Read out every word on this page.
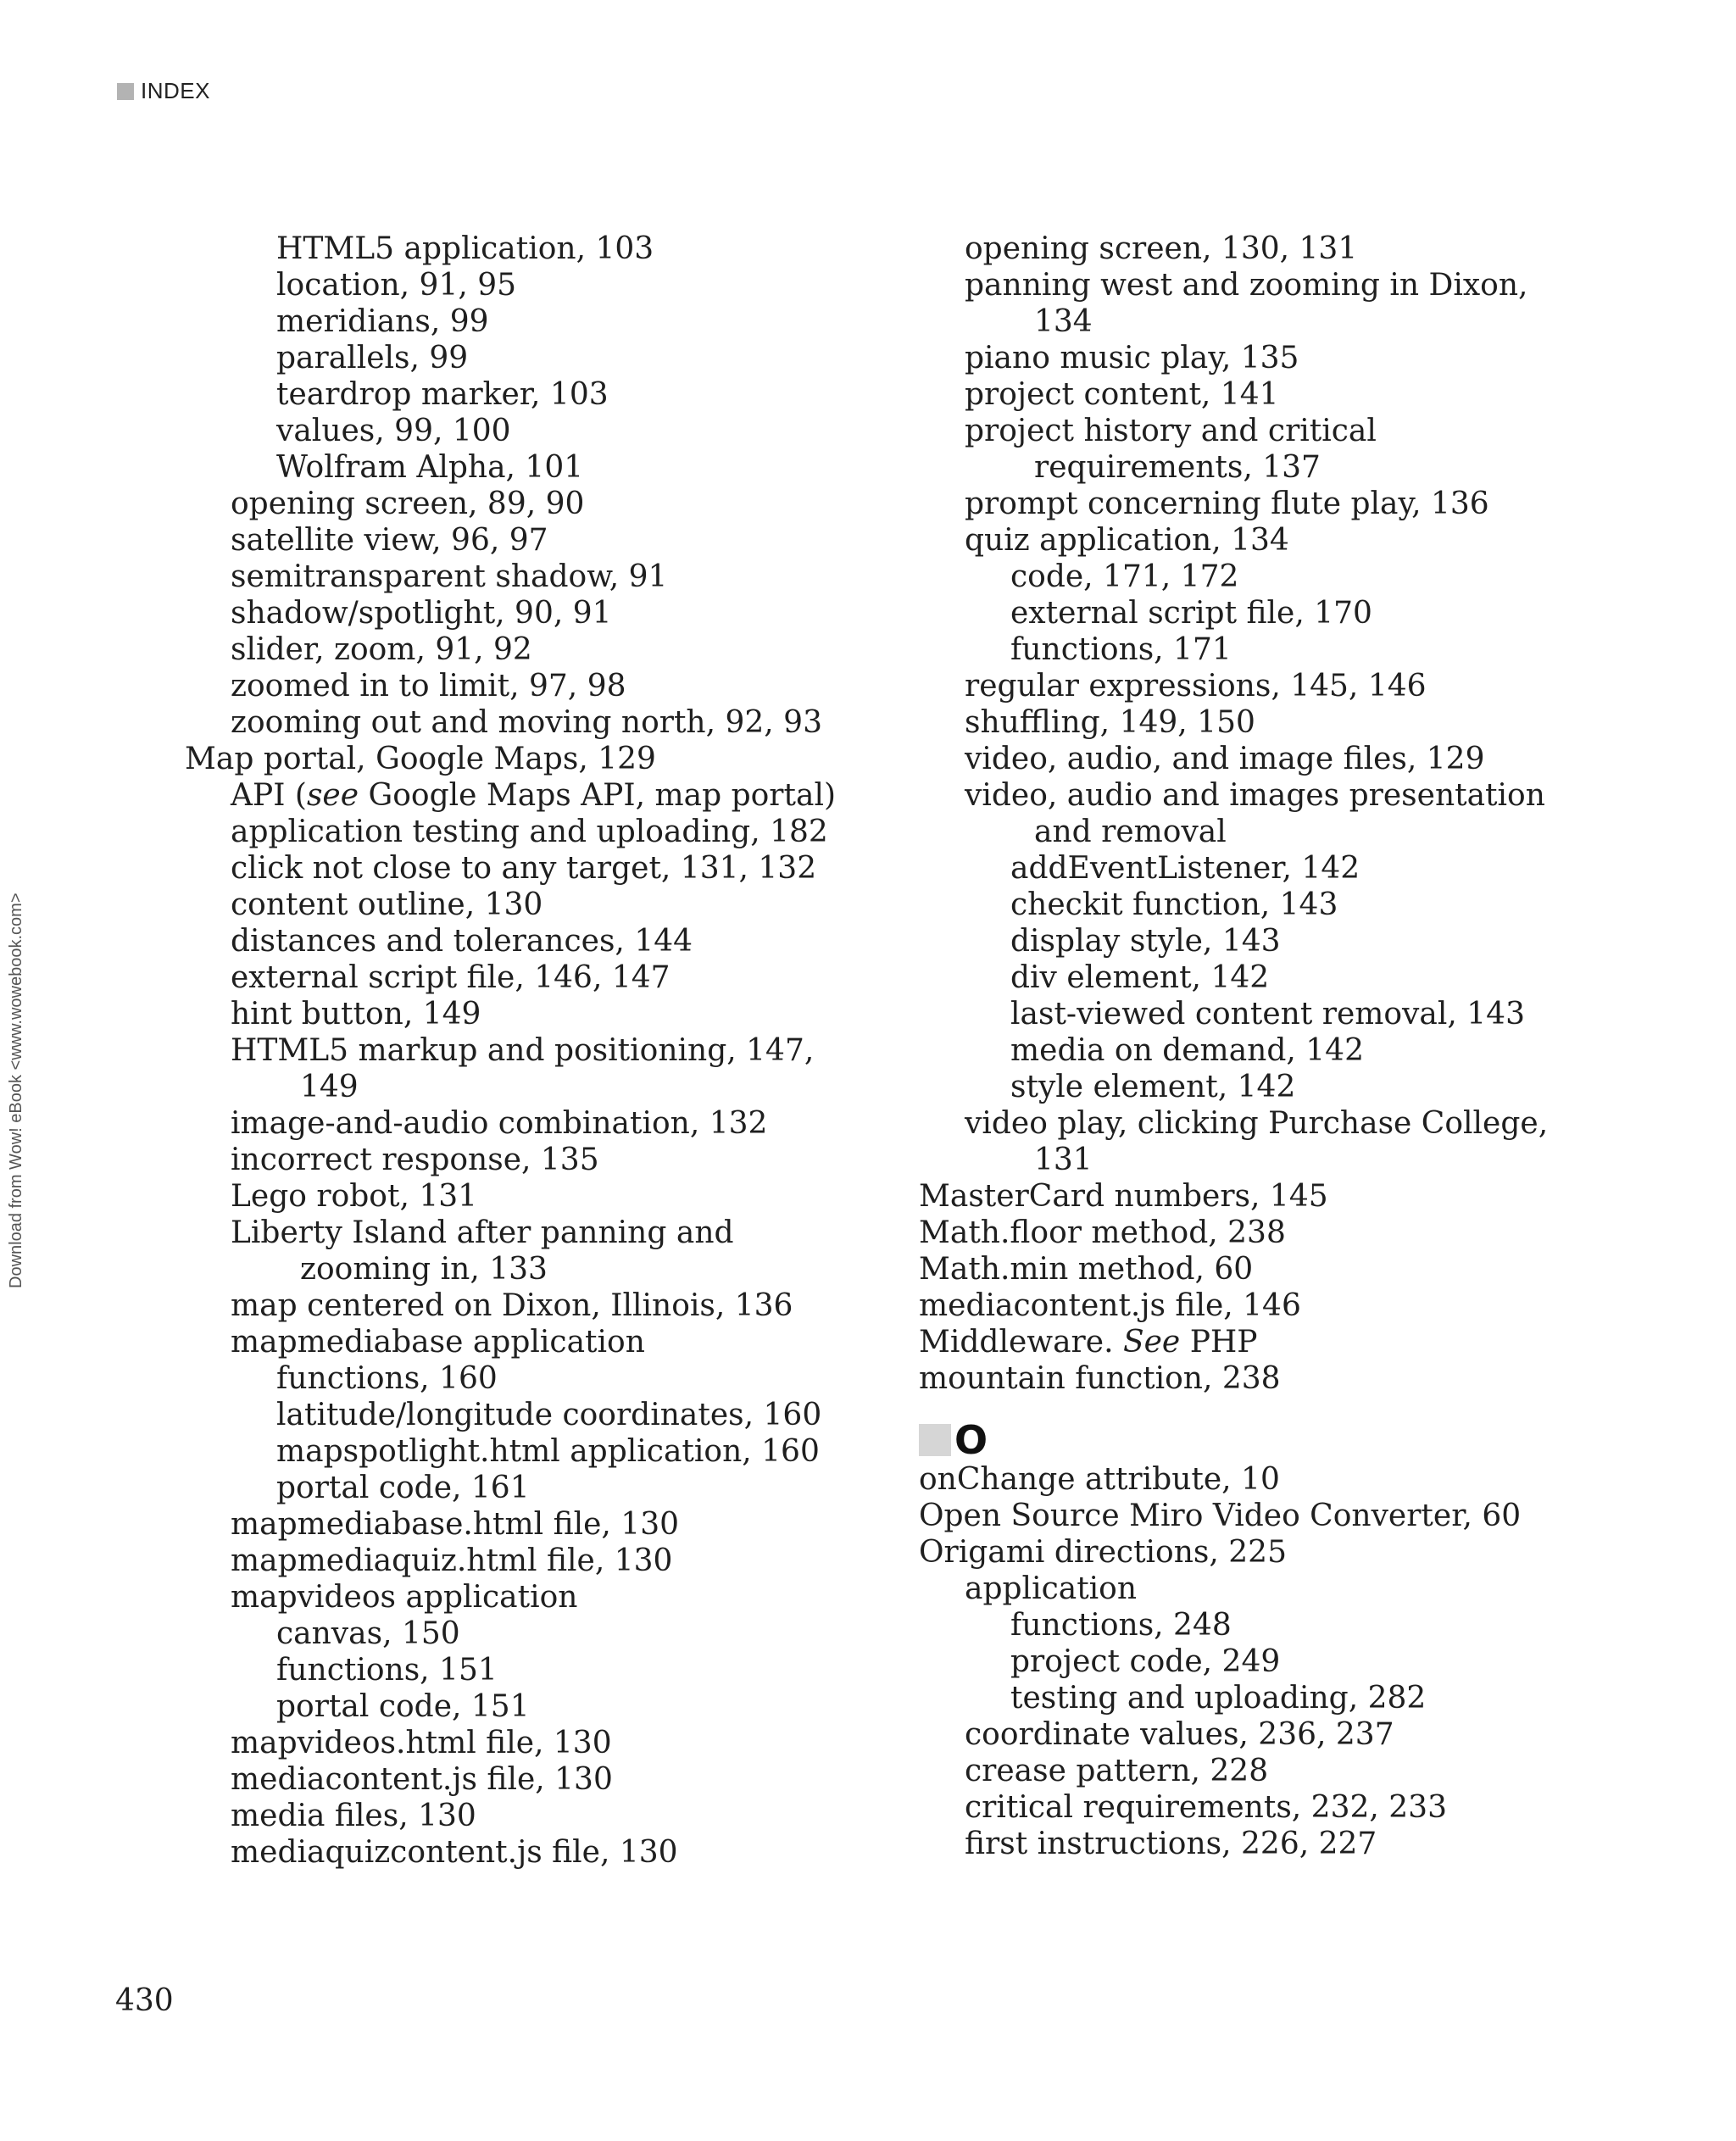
INDEX
Download from Wow! eBook <www.wowebook.com>
HTML5 application, 103
location, 91, 95
meridians, 99
parallels, 99
teardrop marker, 103
values, 99, 100
Wolfram Alpha, 101
opening screen, 89, 90
satellite view, 96, 97
semitransparent shadow, 91
shadow/spotlight, 90, 91
slider, zoom, 91, 92
zoomed in to limit, 97, 98
zooming out and moving north, 92, 93
Map portal, Google Maps, 129
API (see Google Maps API, map portal)
application testing and uploading, 182
click not close to any target, 131, 132
content outline, 130
distances and tolerances, 144
external script file, 146, 147
hint button, 149
HTML5 markup and positioning, 147,
149
image-and-audio combination, 132
incorrect response, 135
Lego robot, 131
Liberty Island after panning and
zooming in, 133
map centered on Dixon, Illinois, 136
mapmediabase application
functions, 160
latitude/longitude coordinates, 160
mapspotlight.html application, 160
portal code, 161
mapmediabase.html file, 130
mapmediaquiz.html file, 130
mapvideos application
canvas, 150
functions, 151
portal code, 151
mapvideos.html file, 130
mediacontent.js file, 130
media files, 130
mediaquizcontent.js file, 130
opening screen, 130, 131
panning west and zooming in Dixon,
134
piano music play, 135
project content, 141
project history and critical
requirements, 137
prompt concerning flute play, 136
quiz application, 134
code, 171, 172
external script file, 170
functions, 171
regular expressions, 145, 146
shuffling, 149, 150
video, audio, and image files, 129
video, audio and images presentation
and removal
addEventListener, 142
checkit function, 143
display style, 143
div element, 142
last-viewed content removal, 143
media on demand, 142
style element, 142
video play, clicking Purchase College,
131
MasterCard numbers, 145
Math.floor method, 238
Math.min method, 60
mediacontent.js file, 146
Middleware. See PHP
mountain function, 238
O
onChange attribute, 10
Open Source Miro Video Converter, 60
Origami directions, 225
application
functions, 248
project code, 249
testing and uploading, 282
coordinate values, 236, 237
crease pattern, 228
critical requirements, 232, 233
first instructions, 226, 227
430
